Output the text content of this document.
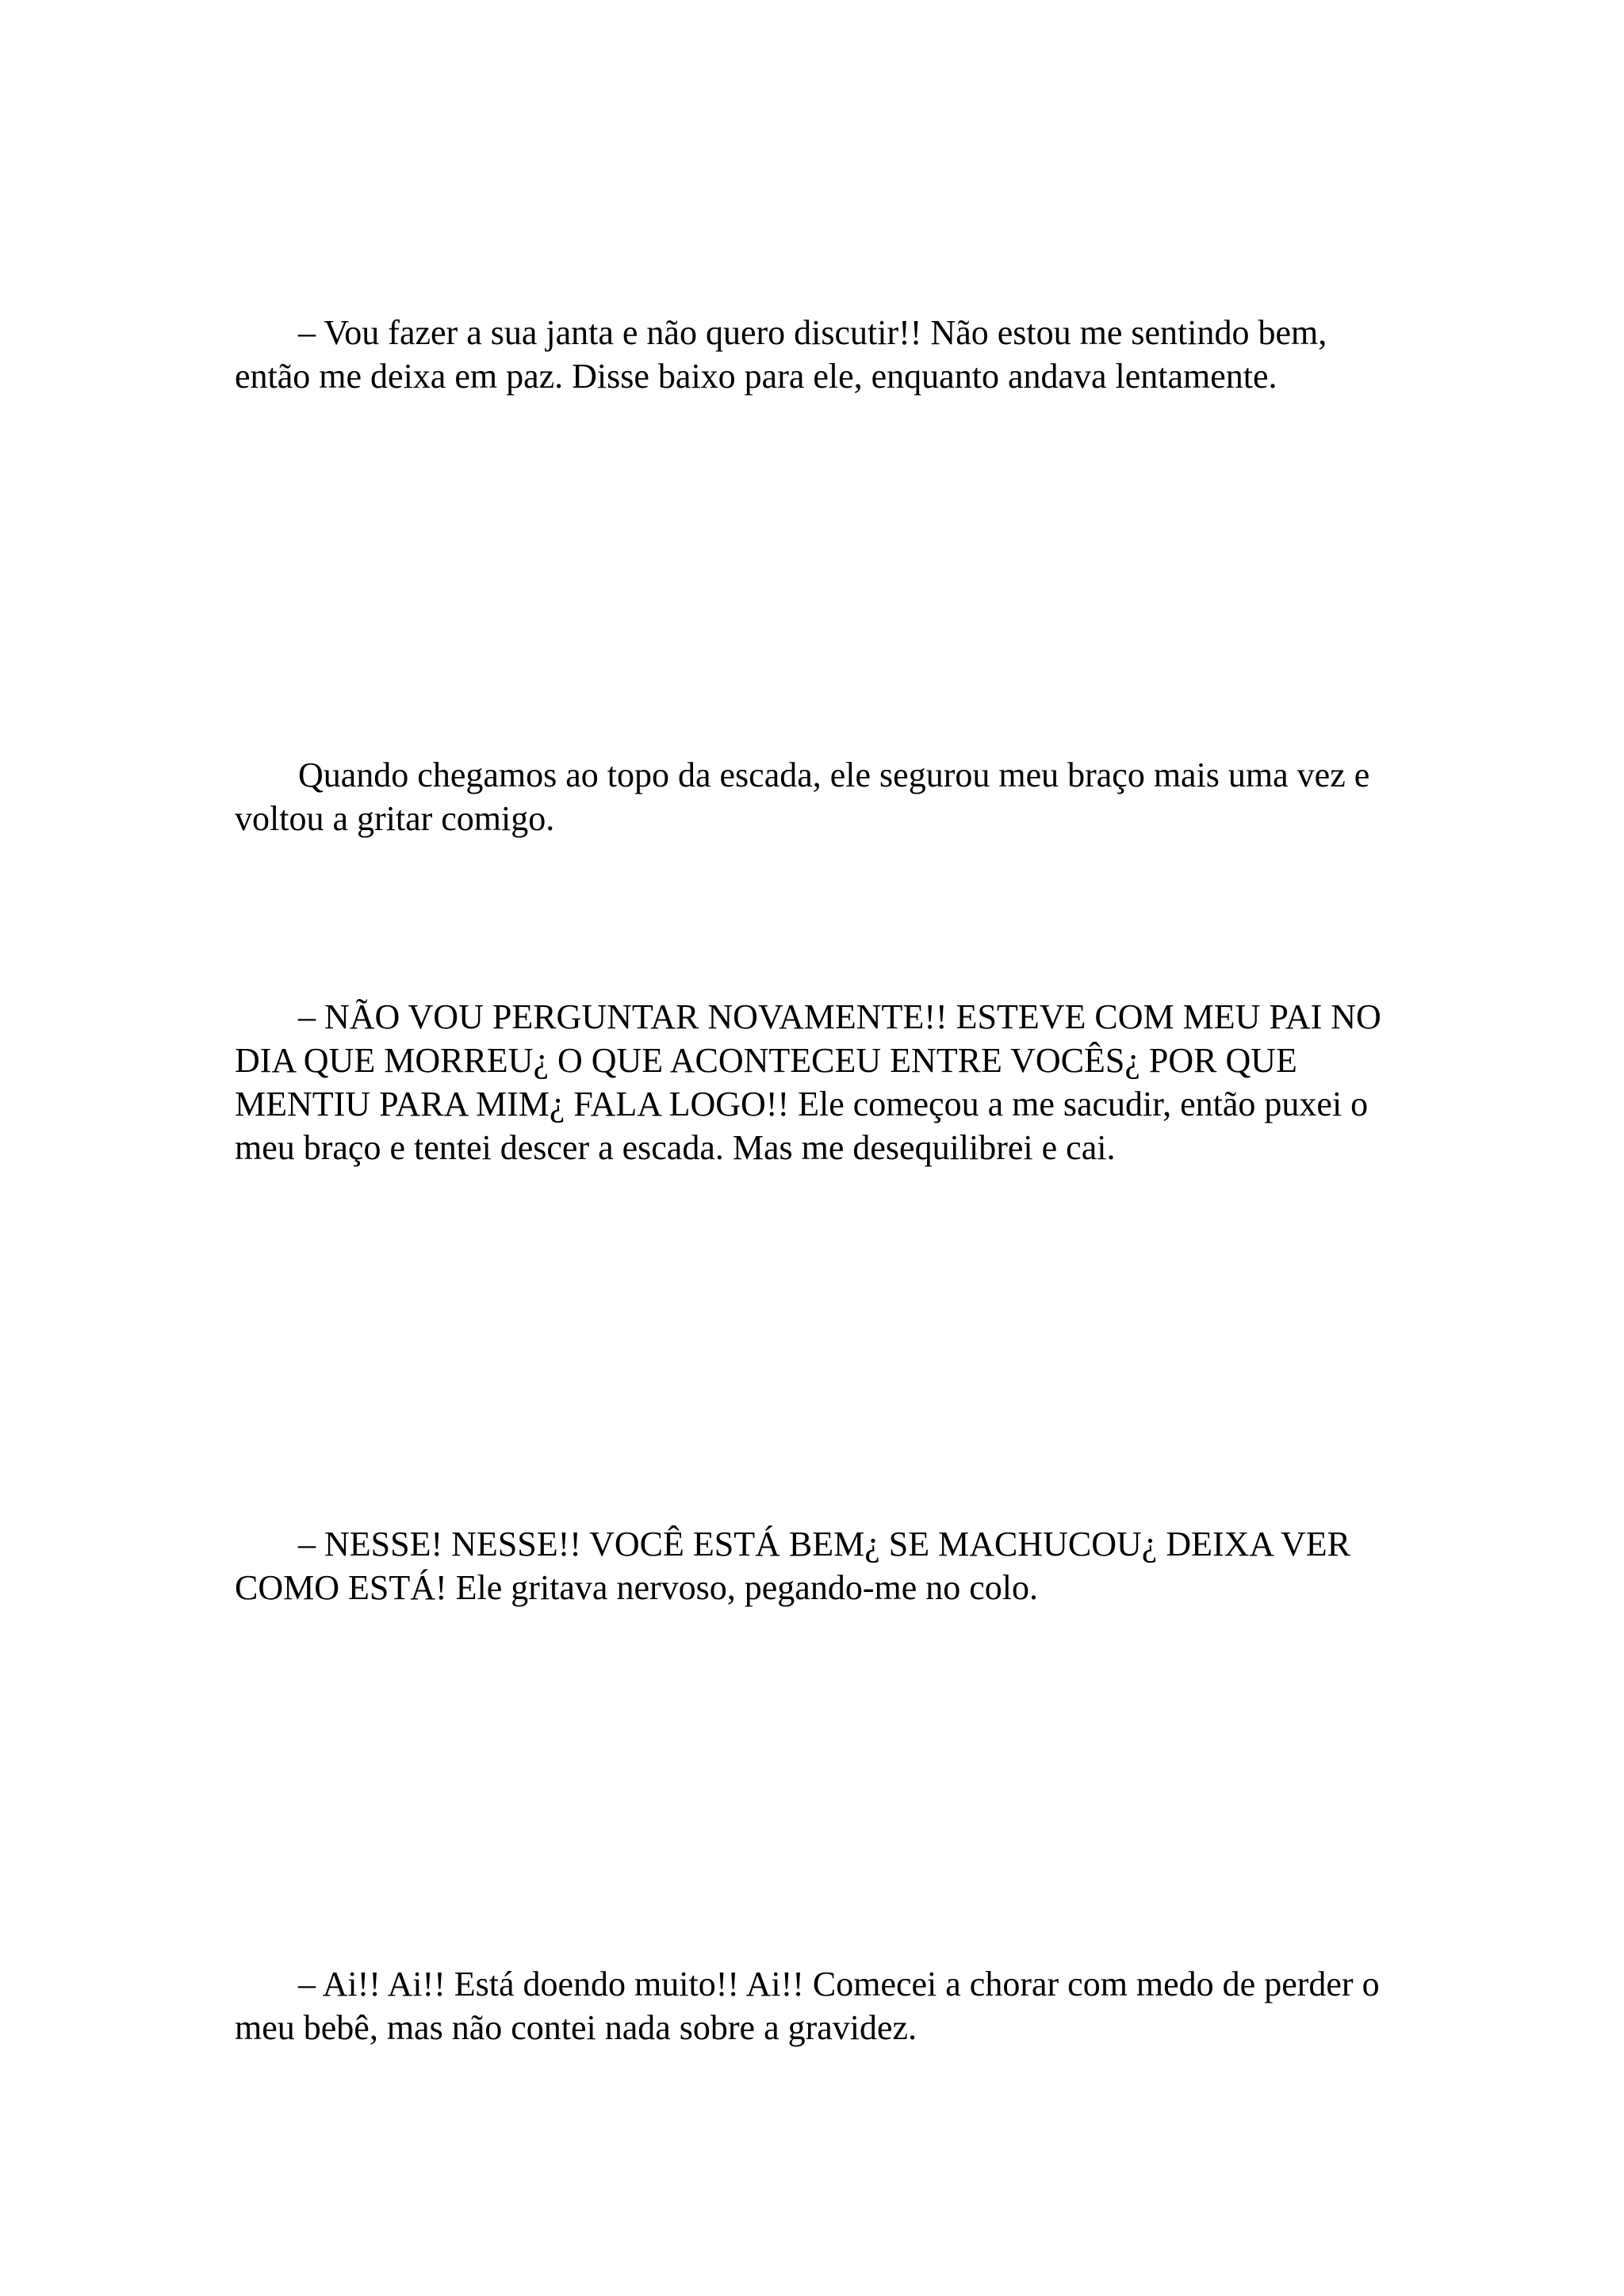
– Vou fazer a sua janta e não quero discutir!! Não estou me sentindo bem, então me deixa em paz. Disse baixo para ele, enquanto andava lentamente.

Quando chegamos ao topo da escada, ele segurou meu braço mais uma vez e voltou a gritar comigo.

– NÃO VOU PERGUNTAR NOVAMENTE!! ESTEVE COM MEU PAI NO DIA QUE MORREU¿ O QUE ACONTECEU ENTRE VOCÊS¿ POR QUE MENTIU PARA MIM¿ FALA LOGO!! Ele começou a me sacudir, então puxei o meu braço e tentei descer a escada. Mas me desequilibrei e cai.

– NESSE! NESSE!! VOCÊ ESTÁ BEM¿ SE MACHUCOU¿ DEIXA VER COMO ESTÁ! Ele gritava nervoso, pegando-me no colo.

– Ai!! Ai!! Está doendo muito!! Ai!! Comecei a chorar com medo de perder o meu bebê, mas não contei nada sobre a gravidez.
